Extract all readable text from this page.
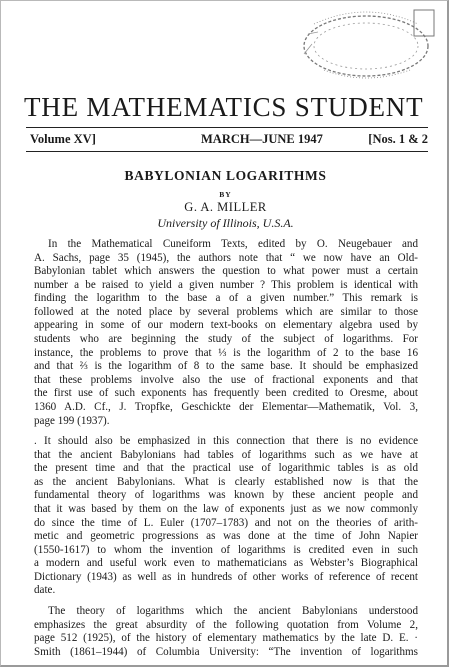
THE MATHEMATICS STUDENT
Volume XV]	MARCH—JUNE 1947	[Nos. 1 & 2
BABYLONIAN LOGARITHMS
BY
G. A. MILLER
University of Illinois, U.S.A.
In the Mathematical Cuneiform Texts, edited by O. Neugebauer and
A. Sachs, page 35 (1945), the authors note that “ we now have an Old-
Babylonian tablet which answers the question to what power must a certain
number a be raised to yield a given number ? This problem is identical with
finding the logarithm to the base a of a given number.” This remark is
followed at the noted place by several problems which are similar to those
appearing in some of our modern text-books on elementary algebra used by
students who are beginning the study of the subject of logarithms. For
instance, the problems to prove that ⅓ is the logarithm of 2 to the base 16
and that ⅔ is the logarithm of 8 to the same base. It should be emphasized
that these problems involve also the use of fractional exponents and that
the first use of such exponents has frequently been credited to Oresme, about
1360 A.D. Cf., J. Tropfke, Geschickte der Elementar—Mathematik, Vol. 3,
page 199 (1937).
. It should also be emphasized in this connection that there is no evidence
that the ancient Babylonians had tables of logarithms such as we have at
the present time and that the practical use of logarithmic tables is as old
as the ancient Babylonians. What is clearly established now is that the
fundamental theory of logarithms was known by these ancient people and
that it was based by them on the law of exponents just as we now commonly
do since the time of L. Euler (1707–1783) and not on the theories of arith-
metic and geometric progressions as was done at the time of John Napier
(1550-1617) to whom the invention of logarithms is credited even in such
a modern and useful work even to mathematicians as Webster’s Biographical
Dictionary (1943) as well as in hundreds of other works of reference of recent
date.
The theory of logarithms which the ancient Babylonians understood
emphasizes the great absurdity of the following quotation from Volume 2,
page 512 (1925), of the history of elementary mathematics by the late D. E. ·
Smith (1861–1944) of Columbia University: “The invention of logarithms
